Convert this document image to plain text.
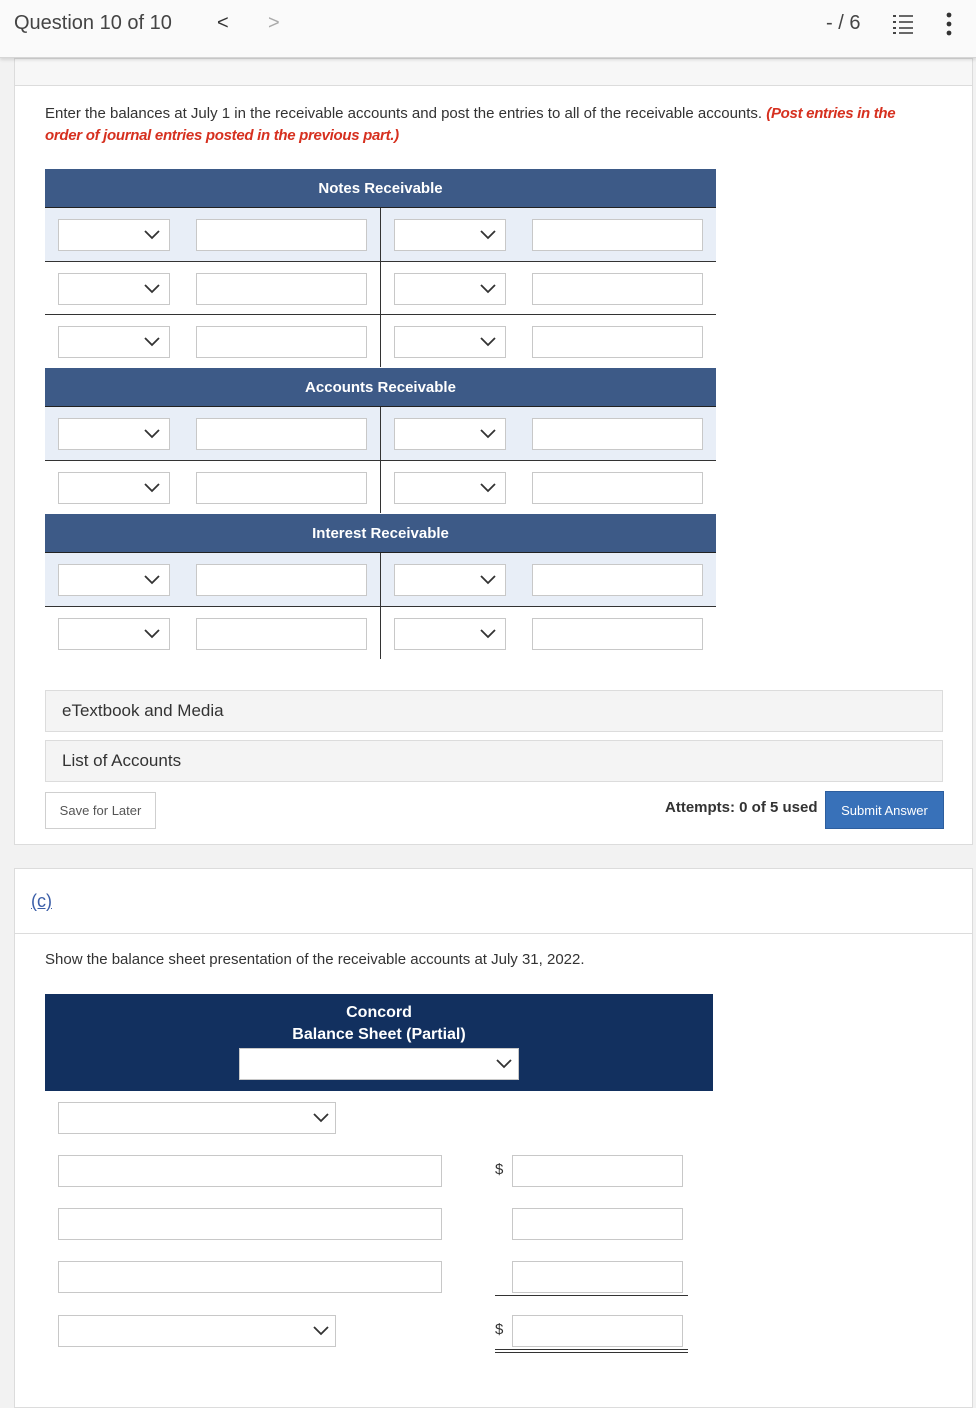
Question 10 of 10 < >	- / 6
Enter the balances at July 1 in the receivable accounts and post the entries to all of the receivable accounts. (Post entries in the order of journal entries posted in the previous part.)
Notes Receivable
Accounts Receivable
Interest Receivable
eTextbook and Media
List of Accounts
Save for Later	Attempts: 0 of 5 used	Submit Answer
(c)
Show the balance sheet presentation of the receivable accounts at July 31, 2022.
Concord
Balance Sheet (Partial)
$
$
